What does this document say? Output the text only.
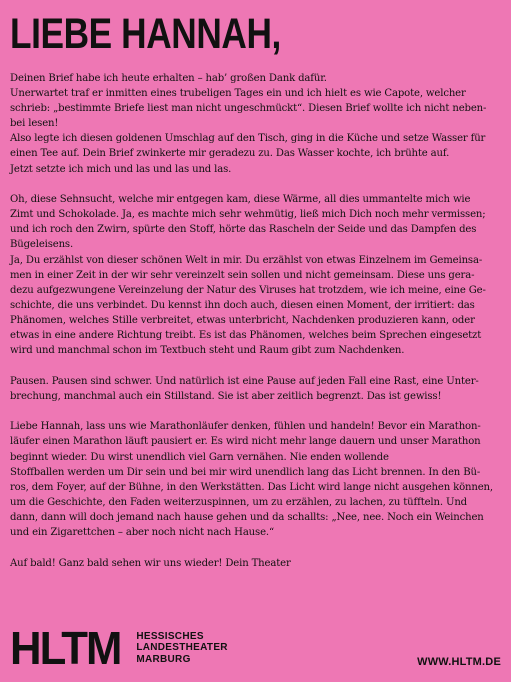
LIEBE HANNAH,
Deinen Brief habe ich heute erhalten – hab’ großen Dank dafür.
Unerwartet traf er inmitten eines trubeligen Tages ein und ich hielt es wie Capote, welcher
schrieb: „bestimmte Briefe liest man nicht ungeschmückt“. Diesen Brief wollte ich nicht neben-
bei lesen!
Also legte ich diesen goldenen Umschlag auf den Tisch, ging in die Küche und setze Wasser für
einen Tee auf. Dein Brief zwinkerte mir geradezu zu. Das Wasser kochte, ich brühte auf.
Jetzt setzte ich mich und las und las und las.
Oh, diese Sehnsucht, welche mir entgegen kam, diese Wärme, all dies ummantelte mich wie
Zimt und Schokolade. Ja, es machte mich sehr wehmütig, ließ mich Dich noch mehr vermissen;
und ich roch den Zwirn, spürte den Stoff, hörte das Rascheln der Seide und das Dampfen des
Bügeleisens.
Ja, Du erzählst von dieser schönen Welt in mir. Du erzählst von etwas Einzelnem im Gemeinsa-
men in einer Zeit in der wir sehr vereinzelt sein sollen und nicht gemeinsam. Diese uns gera-
dezu aufgezwungene Vereinzelung der Natur des Viruses hat trotzdem, wie ich meine, eine Ge-
schichte, die uns verbindet. Du kennst ihn doch auch, diesen einen Moment, der irritiert: das
Phänomen, welches Stille verbreitet, etwas unterbricht, Nachdenken produzieren kann, oder
etwas in eine andere Richtung treibt. Es ist das Phänomen, welches beim Sprechen eingesetzt
wird und manchmal schon im Textbuch steht und Raum gibt zum Nachdenken.
Pausen. Pausen sind schwer. Und natürlich ist eine Pause auf jeden Fall eine Rast, eine Unter-
brechung, manchmal auch ein Stillstand. Sie ist aber zeitlich begrenzt. Das ist gewiss!
Liebe Hannah, lass uns wie Marathonläufer denken, fühlen und handeln! Bevor ein Marathon-
läufer einen Marathon läuft pausiert er. Es wird nicht mehr lange dauern und unser Marathon
beginnt wieder. Du wirst unendlich viel Garn vernähen. Nie enden wollende
Stoffballen werden um Dir sein und bei mir wird unendlich lang das Licht brennen. In den Bü-
ros, dem Foyer, auf der Bühne, in den Werkstätten. Das Licht wird lange nicht ausgehen können,
um die Geschichte, den Faden weiterzuspinnen, um zu erzählen, zu lachen, zu tüffteln. Und
dann, dann will doch jemand nach hause gehen und da schallts: „Nee, nee. Noch ein Weinchen
und ein Zigarettchen – aber noch nicht nach Hause.“
Auf bald! Ganz bald sehen wir uns wieder! Dein Theater
HLTM HESSISCHES
LANDESTHEATER
MARBURG	WWW.HLTM.DE
